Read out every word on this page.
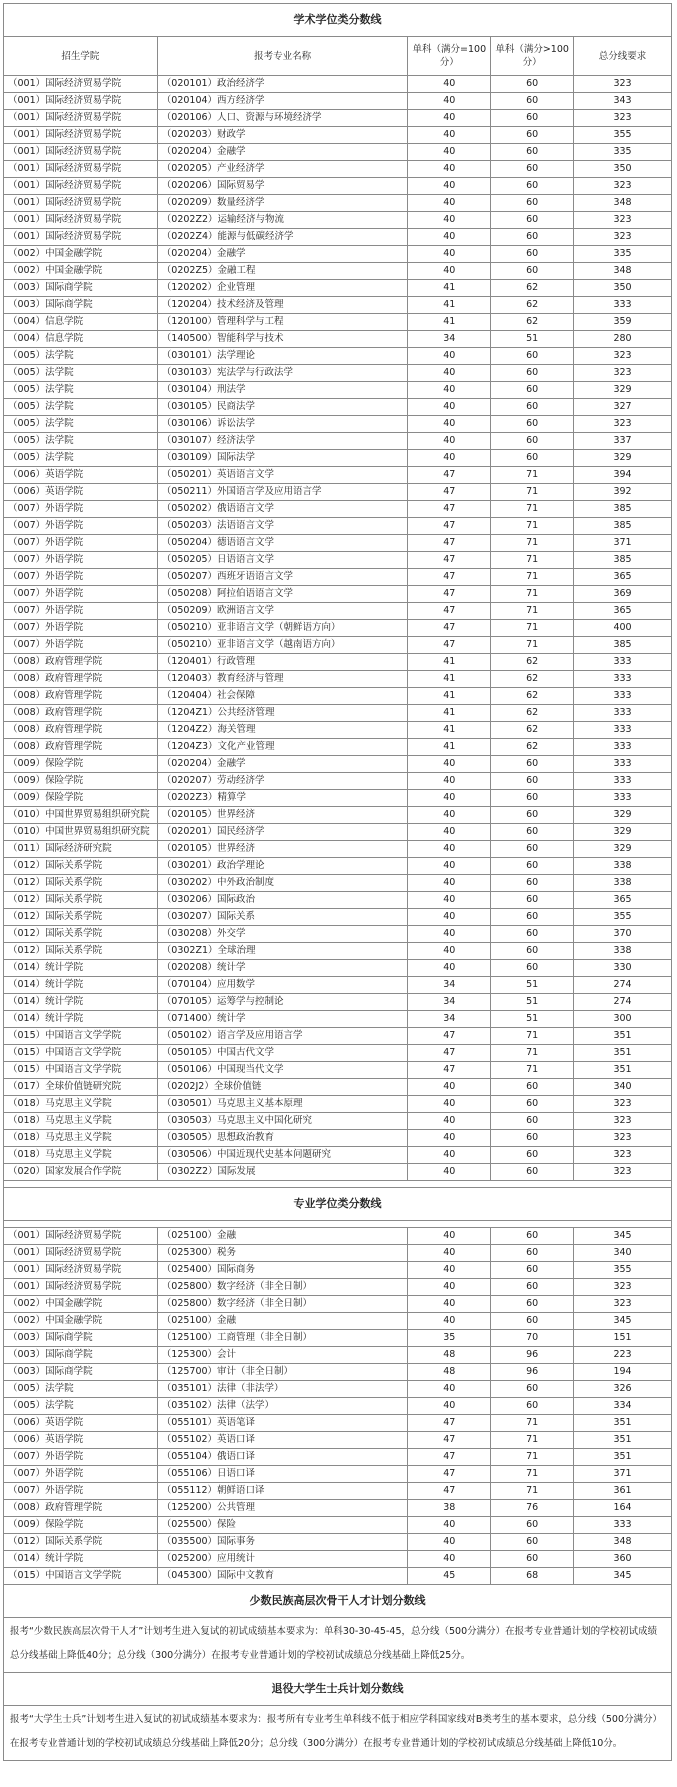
学术学位类分数线				
招生学院	报考专业名称	单科（满分=100分）	单科（满分>100分）	总分线要求
（001）国际经济贸易学院	（020101）政治经济学	40	60	323
（001）国际经济贸易学院	（020104）西方经济学	40	60	343
（001）国际经济贸易学院	（020106）人口、资源与环境经济学	40	60	323
（001）国际经济贸易学院	（020203）财政学	40	60	355
（001）国际经济贸易学院	（020204）金融学	40	60	335
（001）国际经济贸易学院	（020205）产业经济学	40	60	350
（001）国际经济贸易学院	（020206）国际贸易学	40	60	323
（001）国际经济贸易学院	（020209）数量经济学	40	60	348
（001）国际经济贸易学院	（0202Z2）运输经济与物流	40	60	323
（001）国际经济贸易学院	（0202Z4）能源与低碳经济学	40	60	323
（002）中国金融学院	（020204）金融学	40	60	335
（002）中国金融学院	（0202Z5）金融工程	40	60	348
（003）国际商学院	（120202）企业管理	41	62	350
（003）国际商学院	（120204）技术经济及管理	41	62	333
（004）信息学院	（120100）管理科学与工程	41	62	359
（004）信息学院	（140500）智能科学与技术	34	51	280
（005）法学院	（030101）法学理论	40	60	323
（005）法学院	（030103）宪法学与行政法学	40	60	323
（005）法学院	（030104）刑法学	40	60	329
（005）法学院	（030105）民商法学	40	60	327
（005）法学院	（030106）诉讼法学	40	60	323
（005）法学院	（030107）经济法学	40	60	337
（005）法学院	（030109）国际法学	40	60	329
（006）英语学院	（050201）英语语言文学	47	71	394
（006）英语学院	（050211）外国语言学及应用语言学	47	71	392
（007）外语学院	（050202）俄语语言文学	47	71	385
（007）外语学院	（050203）法语语言文学	47	71	385
（007）外语学院	（050204）德语语言文学	47	71	371
（007）外语学院	（050205）日语语言文学	47	71	385
（007）外语学院	（050207）西班牙语语言文学	47	71	365
（007）外语学院	（050208）阿拉伯语语言文学	47	71	369
（007）外语学院	（050209）欧洲语言文学	47	71	365
（007）外语学院	（050210）亚非语言文学（朝鲜语方向）	47	71	400
（007）外语学院	（050210）亚非语言文学（越南语方向）	47	71	385
（008）政府管理学院	（120401）行政管理	41	62	333
（008）政府管理学院	（120403）教育经济与管理	41	62	333
（008）政府管理学院	（120404）社会保障	41	62	333
（008）政府管理学院	（1204Z1）公共经济管理	41	62	333
（008）政府管理学院	（1204Z2）海关管理	41	62	333
（008）政府管理学院	（1204Z3）文化产业管理	41	62	333
（009）保险学院	（020204）金融学	40	60	333
（009）保险学院	（020207）劳动经济学	40	60	333
（009）保险学院	（0202Z3）精算学	40	60	333
（010）中国世界贸易组织研究院	（020105）世界经济	40	60	329
（010）中国世界贸易组织研究院	（020201）国民经济学	40	60	329
（011）国际经济研究院	（020105）世界经济	40	60	329
（012）国际关系学院	（030201）政治学理论	40	60	338
（012）国际关系学院	（030202）中外政治制度	40	60	338
（012）国际关系学院	（030206）国际政治	40	60	365
（012）国际关系学院	（030207）国际关系	40	60	355
（012）国际关系学院	（030208）外交学	40	60	370
（012）国际关系学院	（0302Z1）全球治理	40	60	338
（014）统计学院	（020208）统计学	40	60	330
（014）统计学院	（070104）应用数学	34	51	274
（014）统计学院	（070105）运筹学与控制论	34	51	274
（014）统计学院	（071400）统计学	34	51	300
（015）中国语言文学学院	（050102）语言学及应用语言学	47	71	351
（015）中国语言文学学院	（050105）中国古代文学	47	71	351
（015）中国语言文学学院	（050106）中国现当代文学	47	71	351
（017）全球价值链研究院	（0202J2）全球价值链	40	60	340
（018）马克思主义学院	（030501）马克思主义基本原理	40	60	323
（018）马克思主义学院	（030503）马克思主义中国化研究	40	60	323
（018）马克思主义学院	（030505）思想政治教育	40	60	323
（018）马克思主义学院	（030506）中国近现代史基本问题研究	40	60	323
（020）国家发展合作学院	（0302Z2）国际发展	40	60	323

专业学位类分数线				

（001）国际经济贸易学院	（025100）金融	40	60	345
（001）国际经济贸易学院	（025300）税务	40	60	340
（001）国际经济贸易学院	（025400）国际商务	40	60	355
（001）国际经济贸易学院	（025800）数字经济（非全日制）	40	60	323
（002）中国金融学院	（025800）数字经济（非全日制）	40	60	323
（002）中国金融学院	（025100）金融	40	60	345
（003）国际商学院	（125100）工商管理（非全日制）	35	70	151
（003）国际商学院	（125300）会计	48	96	223
（003）国际商学院	（125700）审计（非全日制）	48	96	194
（005）法学院	（035101）法律（非法学）	40	60	326
（005）法学院	（035102）法律（法学）	40	60	334
（006）英语学院	（055101）英语笔译	47	71	351
（006）英语学院	（055102）英语口译	47	71	351
（007）外语学院	（055104）俄语口译	47	71	351
（007）外语学院	（055106）日语口译	47	71	371
（007）外语学院	（055112）朝鲜语口译	47	71	361
（008）政府管理学院	（125200）公共管理	38	76	164
（009）保险学院	（025500）保险	40	60	333
（012）国际关系学院	（035500）国际事务	40	60	348
（014）统计学院	（025200）应用统计	40	60	360
（015）中国语言文学学院	（045300）国际中文教育	45	68	345
少数民族高层次骨干人才计划分数线				
报考“少数民族高层次骨干人才”计划考生进入复试的初试成绩基本要求为：单科30-30-45-45，总分线（500分满分）在报考专业普通计划的学校初试成绩总分线基础上降低40分；总分线（300分满分）在报考专业普通计划的学校初试成绩总分线基础上降低25分。				
退役大学生士兵计划分数线				
报考“大学生士兵”计划考生进入复试的初试成绩基本要求为：报考所有专业考生单科线不低于相应学科国家线对B类考生的基本要求，总分线（500分满分）在报考专业普通计划的学校初试成绩总分线基础上降低20分；总分线（300分满分）在报考专业普通计划的学校初试成绩总分线基础上降低10分。				
